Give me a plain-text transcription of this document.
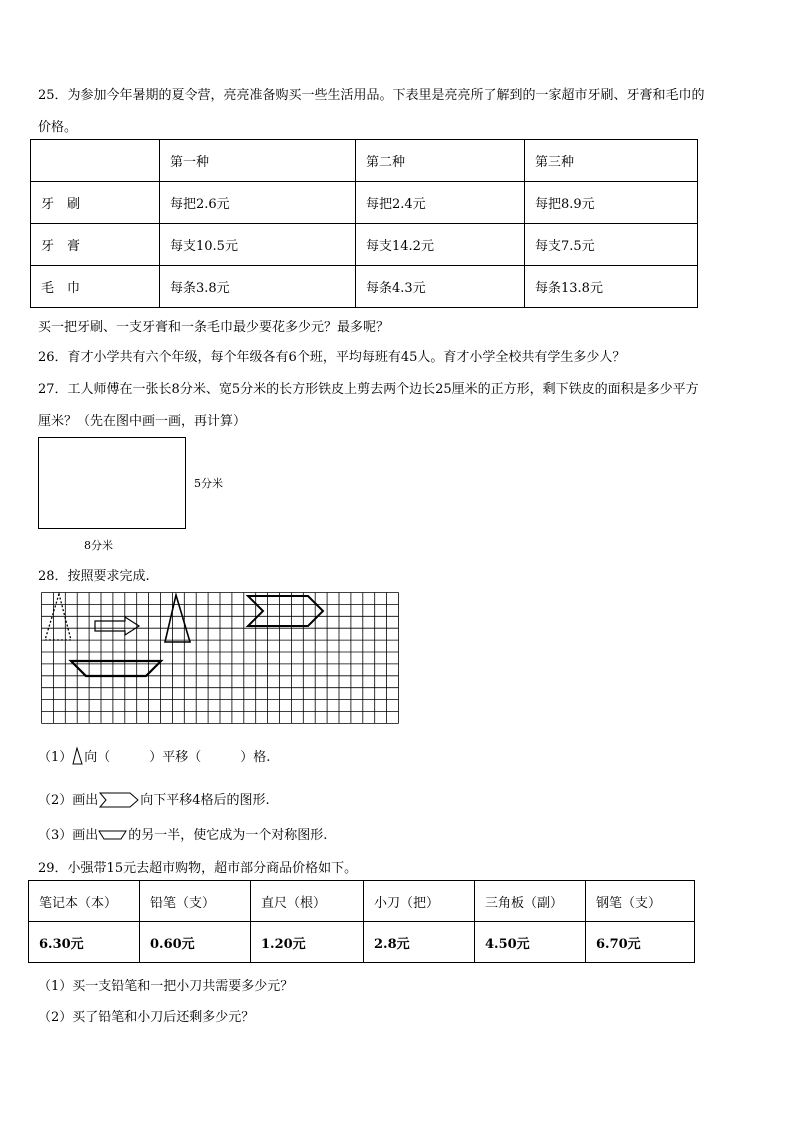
25．为参加今年暑期的夏令营，亮亮准备购买一些生活用品。下表里是亮亮所了解到的一家超市牙刷、牙膏和毛巾的
价格。
	第一种	第二种	第三种
牙　刷	每把2.6元	每把2.4元	每把8.9元
牙　膏	每支10.5元	每支14.2元	每支7.5元
毛　巾	每条3.8元	每条4.3元	每条13.8元
买一把牙刷、一支牙膏和一条毛巾最少要花多少元？最多呢？
26．育才小学共有六个年级，每个年级各有6个班，平均每班有45人。育才小学全校共有学生多少人？
27．工人师傅在一张长8分米、宽5分米的长方形铁皮上剪去两个边长25厘米的正方形，剩下铁皮的面积是多少平方
厘米？（先在图中画一画，再计算）
5分米
8分米
28．按照要求完成.
（1） 向（　　　）平移（　　　）格.
（2）画出	向下平移4格后的图形.
（3）画出 的另一半，使它成为一个对称图形.
29．小强带15元去超市购物，超市部分商品价格如下。
笔记本（本）	铅笔（支）	直尺（根）	小刀（把）	三角板（副）	钢笔（支）
6.30元	0.60元	1.20元	2.8元	4.50元	6.70元
（1）买一支铅笔和一把小刀共需要多少元？
（2）买了铅笔和小刀后还剩多少元？
